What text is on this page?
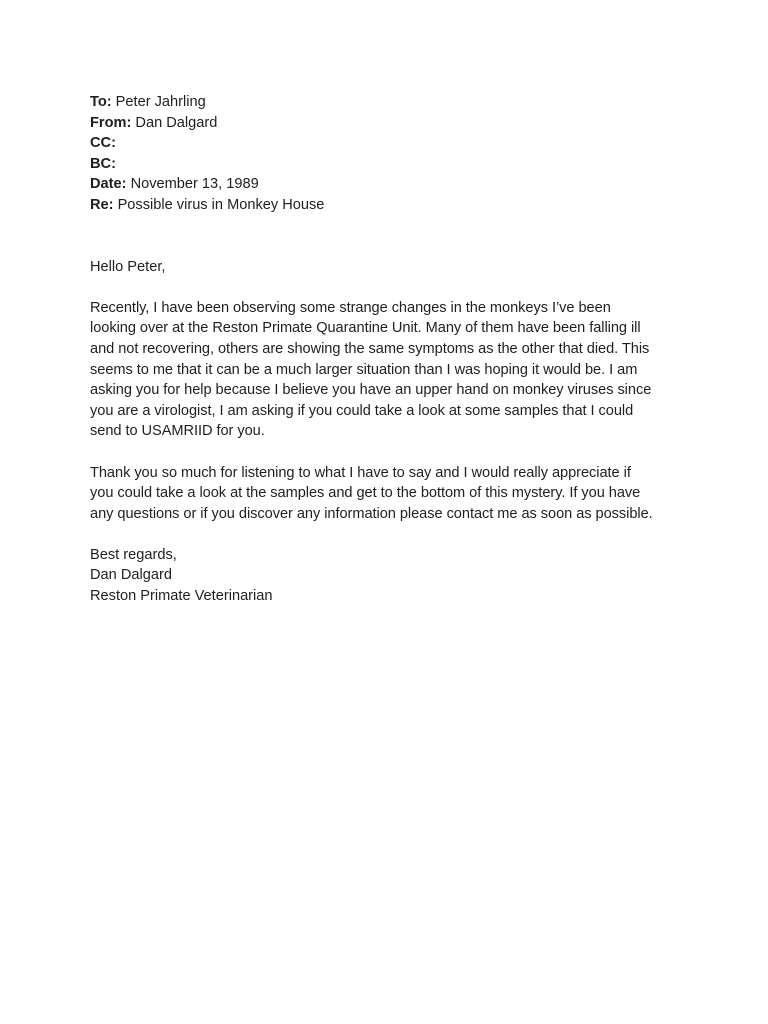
To: Peter Jahrling
From: Dan Dalgard
CC:
BC:
Date: November 13, 1989
Re: Possible virus in Monkey House
Hello Peter,

Recently, I have been observing some strange changes in the monkeys I’ve been
looking over at the Reston Primate Quarantine Unit. Many of them have been falling ill
and not recovering, others are showing the same symptoms as the other that died. This
seems to me that it can be a much larger situation than I was hoping it would be. I am
asking you for help because I believe you have an upper hand on monkey viruses since
you are a virologist, I am asking if you could take a look at some samples that I could
send to USAMRIID for you.

Thank you so much for listening to what I have to say and I would really appreciate if
you could take a look at the samples and get to the bottom of this mystery. If you have
any questions or if you discover any information please contact me as soon as possible.

Best regards,
Dan Dalgard
Reston Primate Veterinarian
